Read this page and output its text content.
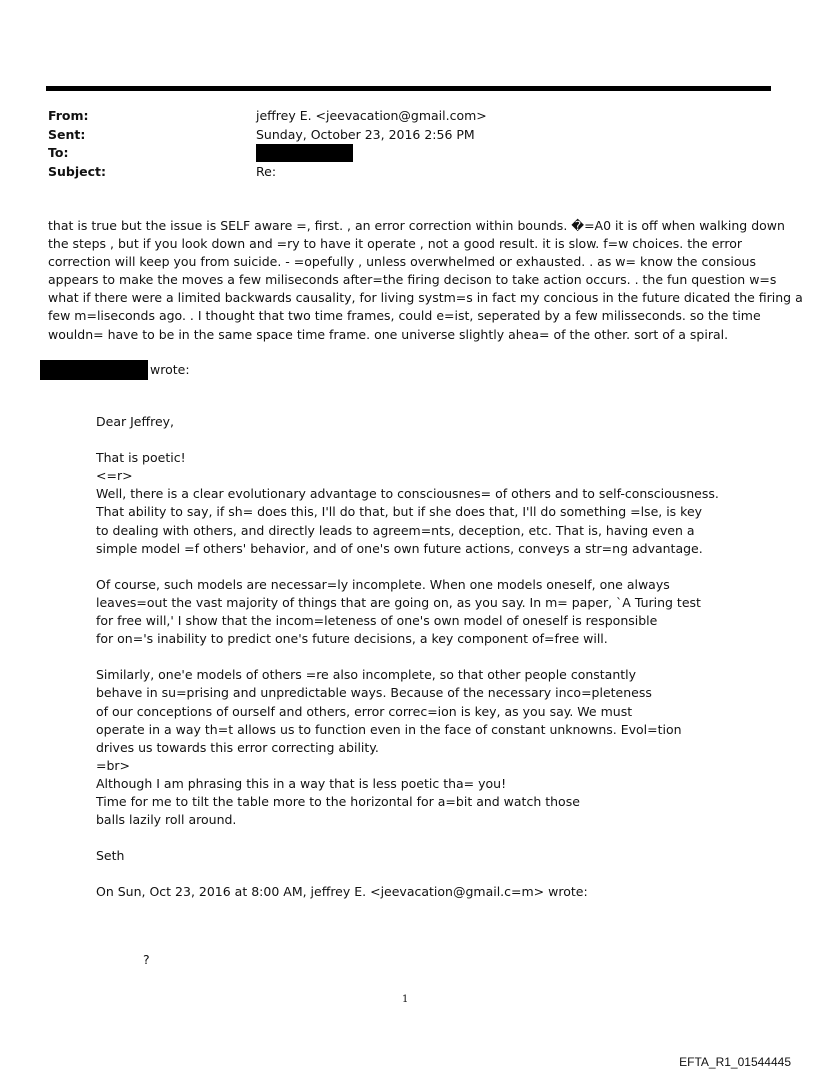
From:	jeffrey E. <jeevacation@gmail.com>
Sent:	Sunday, October 23, 2016 2:56 PM
To:
Subject:	Re:
that is true but the issue is SELF aware =, first. , an error correction within bounds. �=A0 it is off when walking down
the steps , but if you look down and =ry to have it operate , not a good result. it is slow. f=w choices. the error
correction will keep you from suicide. - =opefully , unless overwhelmed or exhausted. . as w= know the consious
appears to make the moves a few miliseconds after=the firing decison to take action occurs. . the fun question w=s
what if there were a limited backwards causality, for living systm=s in fact my concious in the future dicated the firing a
few m=liseconds ago. . I thought that two time frames, could e=ist, seperated by a few milisseconds. so the time
wouldn= have to be in the same space time frame. one universe slightly ahea= of the other. sort of a spiral.
wrote:
Dear Jeffrey,
That is poetic!
<=r>
Well, there is a clear evolutionary advantage to consciousnes= of others and to self-consciousness.
That ability to say, if sh= does this, I'll do that, but if she does that, I'll do something =lse, is key
to dealing with others, and directly leads to agreem=nts, deception, etc. That is, having even a
simple model =f others' behavior, and of one's own future actions, conveys a str=ng advantage.
Of course, such models are necessar=ly incomplete. When one models oneself, one always
leaves=out the vast majority of things that are going on, as you say. In m= paper, `A Turing test
for free will,' I show that the incom=leteness of one's own model of oneself is responsible
for on='s inability to predict one's future decisions, a key component of=free will.
Similarly, one'e models of others =re also incomplete, so that other people constantly
behave in su=prising and unpredictable ways. Because of the necessary inco=pleteness
of our conceptions of ourself and others, error correc=ion is key, as you say. We must
operate in a way th=t allows us to function even in the face of constant unknowns. Evol=tion
drives us towards this error correcting ability.
=br>
Although I am phrasing this in a way that is less poetic tha= you!
Time for me to tilt the table more to the horizontal for a=bit and watch those
balls lazily roll around.
Seth
On Sun, Oct 23, 2016 at 8:00 AM, jeffrey E. <jeevacation@gmail.c=m> wrote:
?
1
EFTA_R1_01544445
